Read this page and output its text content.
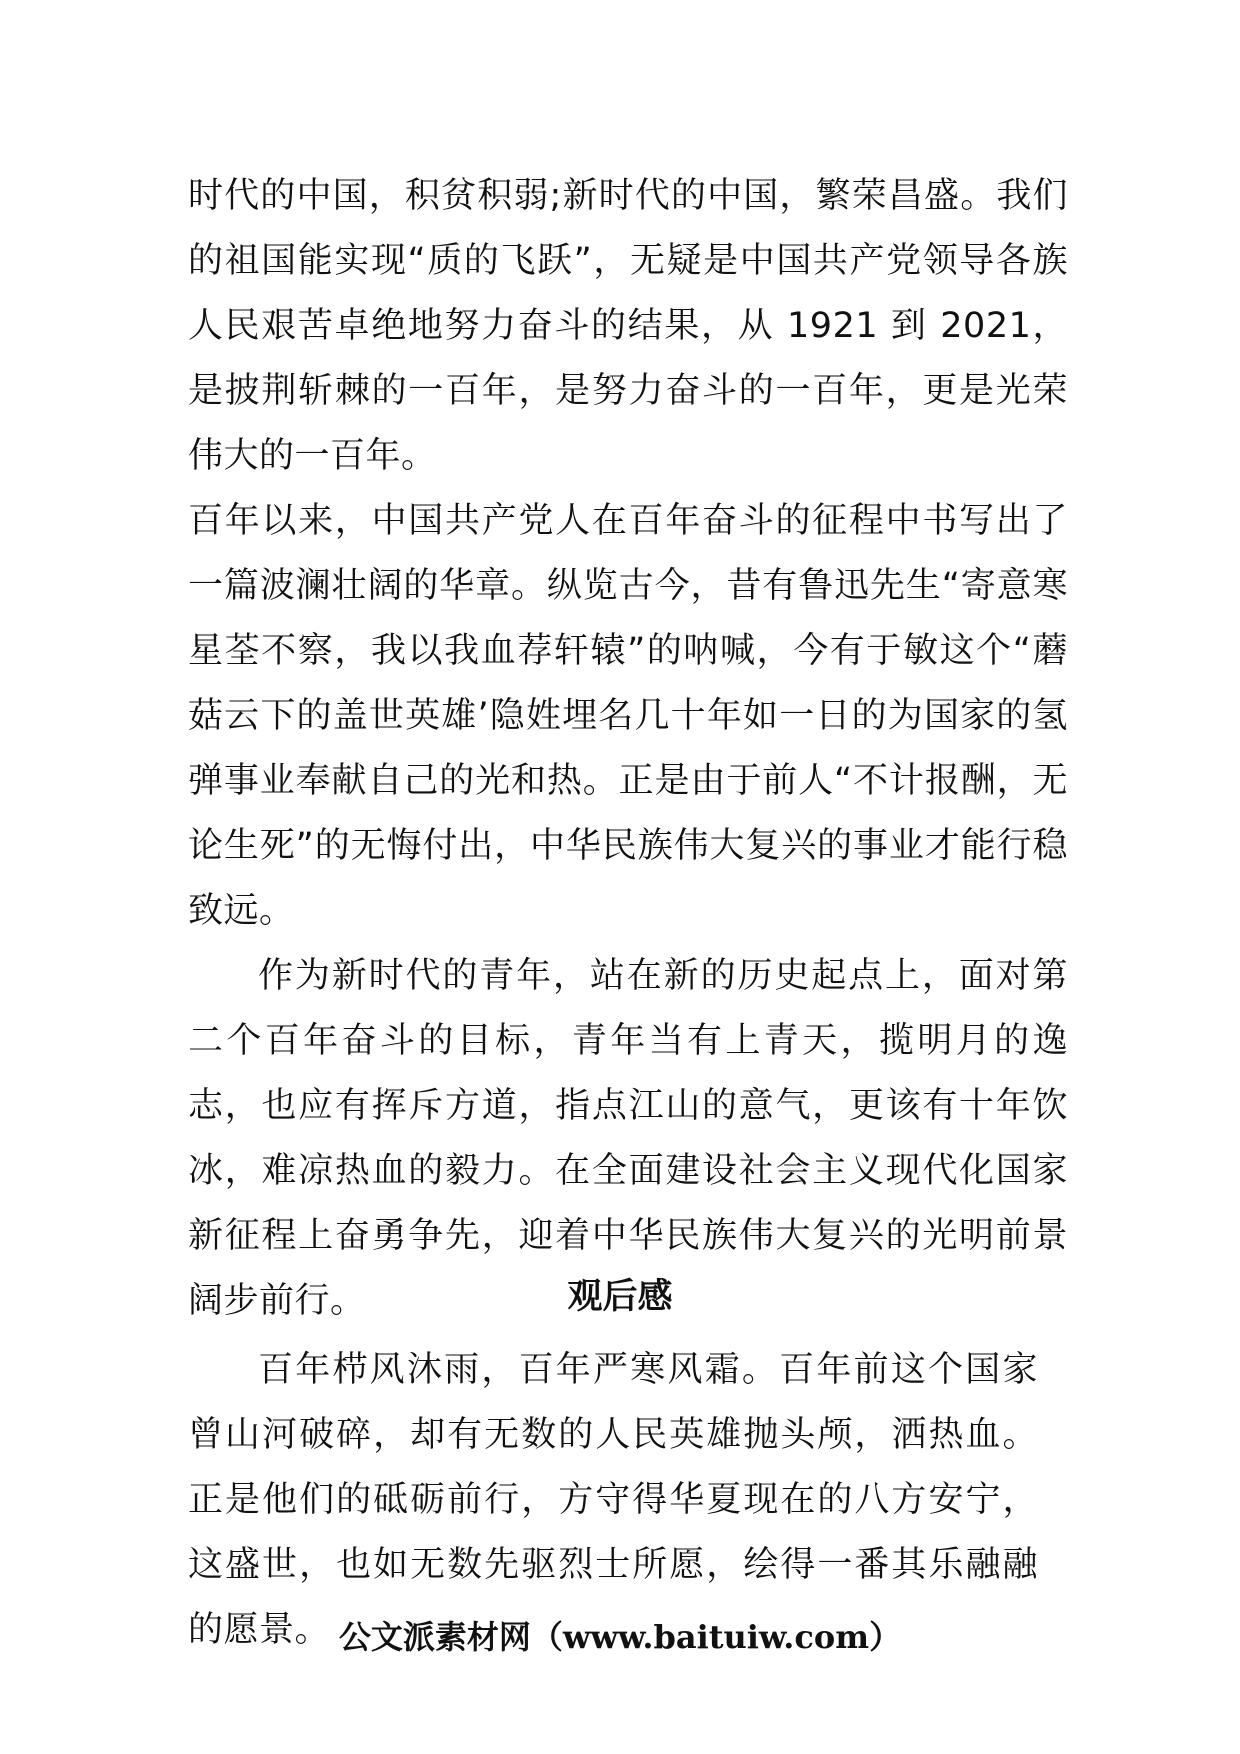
时代的中国，积贫积弱;新时代的中国，繁荣昌盛。我们的祖国能实现“质的飞跃”，无疑是中国共产党领导各族人民艰苦卓绝地努力奋斗的结果，从 1921 到 2021，是披荆斩棘的一百年，是努力奋斗的一百年，更是光荣伟大的一百年。

百年以来，中国共产党人在百年奋斗的征程中书写出了一篇波澜壮阔的华章。纵览古今，昔有鲁迅先生“寄意寒星荃不察，我以我血荐轩辕”的呐喊，今有于敏这个“蘑菇云下的盖世英雄’隐姓埋名几十年如一日的为国家的氢弹事业奉献自己的光和热。正是由于前人“不计报酬，无论生死”的无悔付出，中华民族伟大复兴的事业才能行稳致远。

作为新时代的青年，站在新的历史起点上，面对第二个百年奋斗的目标，青年当有上青天，揽明月的逸志，也应有挥斥方道，指点江山的意气，更该有十年饮冰，难凉热血的毅力。在全面建设社会主义现代化国家新征程上奋勇争先，迎着中华民族伟大复兴的光明前景阔步前行。	观后感

百年栉风沐雨，百年严寒风霜。百年前这个国家曾山河破碎，却有无数的人民英雄抛头颅，洒热血。正是他们的砥砺前行，方守得华夏现在的八方安宁，这盛世，也如无数先驱烈士所愿，绘得一番其乐融融的愿景。 公文派素材网（www.baituiw.com）
